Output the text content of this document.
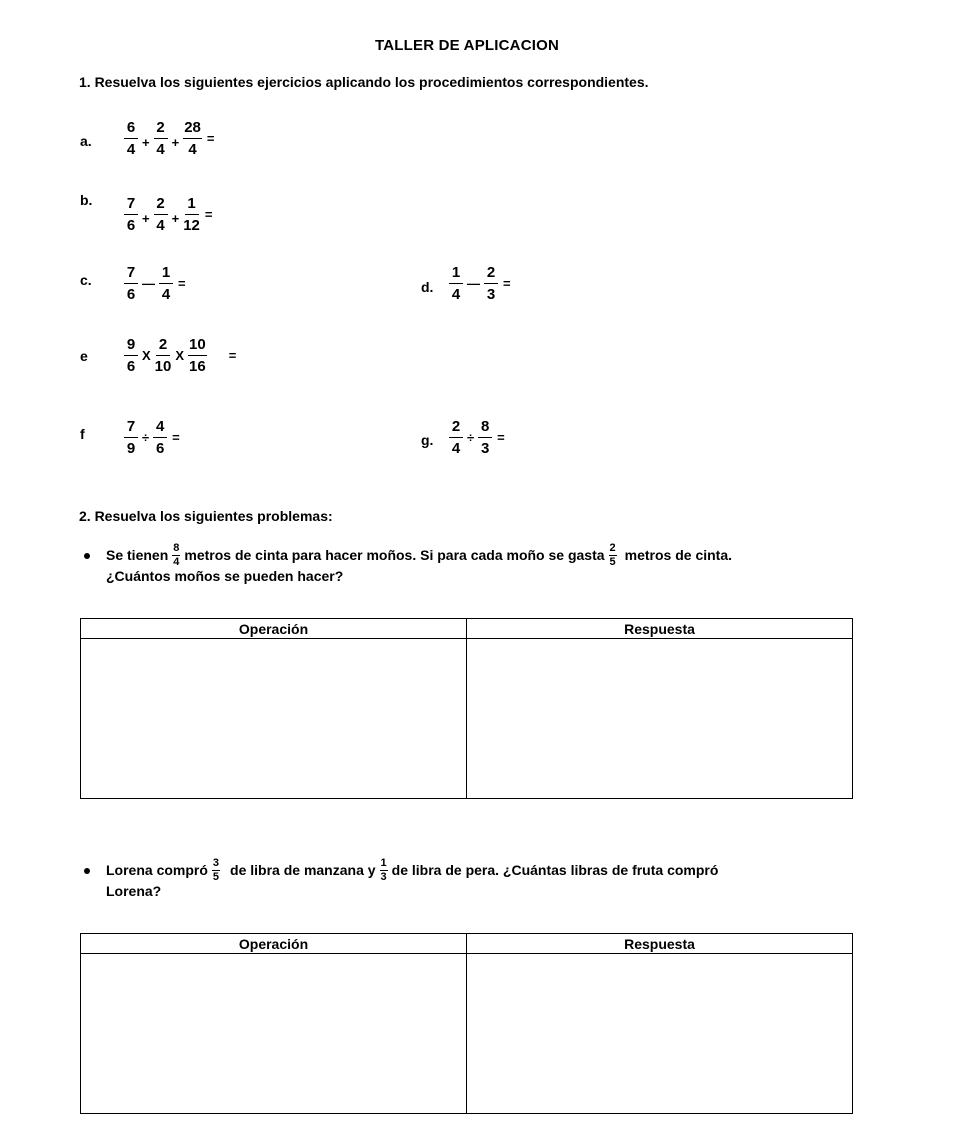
TALLER DE APLICACION
1. Resuelva los siguientes ejercicios aplicando los procedimientos correspondientes.
a. $\frac{6}{4} + \frac{2}{4} + \frac{28}{4}$ =
b. $\frac{7}{6} + \frac{2}{4} + \frac{1}{12}$ =
c. $\frac{7}{6}$ — $\frac{1}{4}$ =	d. $\frac{1}{4}$ — $\frac{2}{3}$ =
e $\frac{9}{6}$ X $\frac{2}{10}$ X $\frac{10}{16}$ =
f	$\frac{7}{9} \div \frac{4}{6}$ =	g. $\frac{2}{4} \div \frac{8}{3}$ =
2. Resuelva los siguientes problemas:
Se tienen $\frac{8}{4}$ metros de cinta para hacer moños. Si para cada moño se gasta $\frac{2}{5}$ metros de cinta.
¿Cuántos moños se pueden hacer?
Operación	Respuesta

Lorena compró $\frac{3}{5}$ de libra de manzana y $\frac{1}{3}$ de libra de pera. ¿Cuántas libras de fruta compró
Lorena?
Operación	Respuesta
